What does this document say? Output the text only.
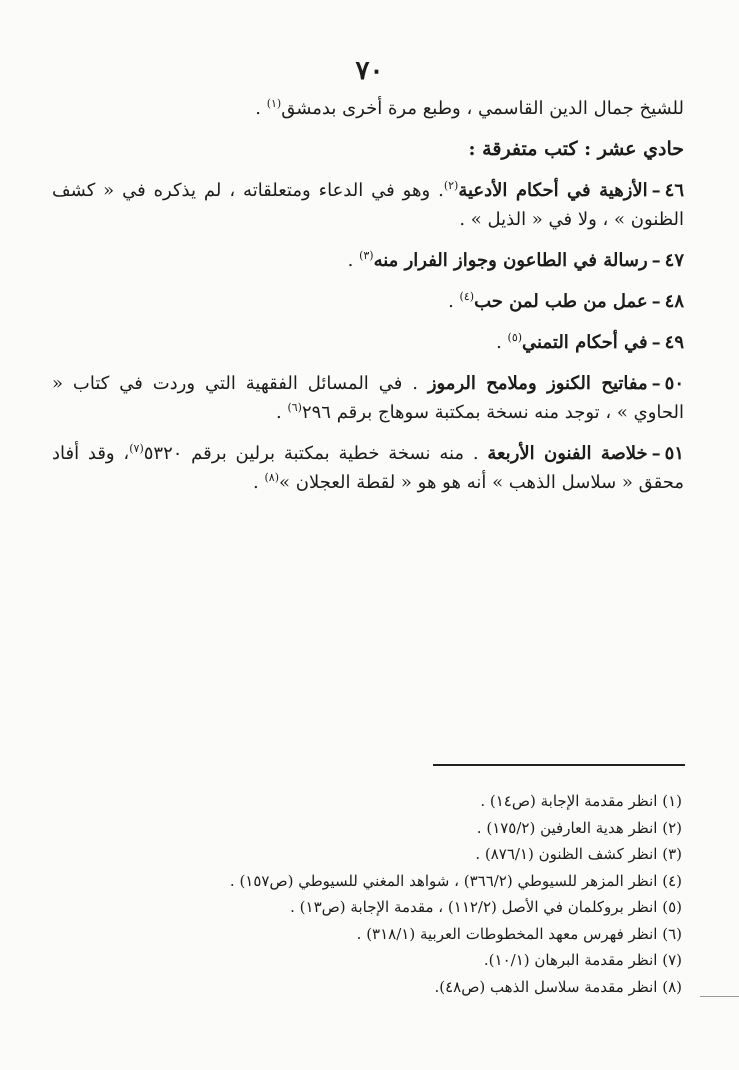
٧٠

للشيخ جمال الدين القاسمي ، وطبع مرة أخرى بدمشق$^{(١)}$ .

حادي عشر : كتب متفرقة :

٤٦–الأزهية في أحكام الأدعية$^{(٢)}$. وهو في الدعاء ومتعلقاته ، لم يذكره في « كشف الظنون » ، ولا في « الذيل » .

٤٧–رسالة في الطاعون وجواز الفرار منه$^{(٣)}$ .

٤٨–عمل من طب لمن حب$^{(٤)}$ .

٤٩–في أحكام التمني$^{(٥)}$ .

٥٠–مفاتيح الكنوز وملامح الرموز . في المسائل الفقهية التي وردت في كتاب « الحاوي » ، توجد منه نسخة بمكتبة سوهاج برقم ٢٩٦$^{(٦)}$ .

٥١–خلاصة الفنون الأربعة . منه نسخة خطية بمكتبة برلين برقم ٥٣٢٠$^{(٧)}$، وقد أفاد محقق « سلاسل الذهب » أنه هو هو « لقطة العجلان »$^{(٨)}$ .

(١) انظر مقدمة الإجابة (ص١٤) .
(٢) انظر هدية العارفين (١٧٥/٢) .
(٣) انظر كشف الظنون (٨٧٦/١) .
(٤) انظر المزهر للسيوطي (٣٦٦/٢) ، شواهد المغني للسيوطي (ص١٥٧) .
(٥) انظر بروكلمان في الأصل (١١٢/٢) ، مقدمة الإجابة (ص١٣) .
(٦) انظر فهرس معهد المخطوطات العربية (٣١٨/١) .
(٧) انظر مقدمة البرهان (١٠/١).
(٨) انظر مقدمة سلاسل الذهب (ص٤٨).
